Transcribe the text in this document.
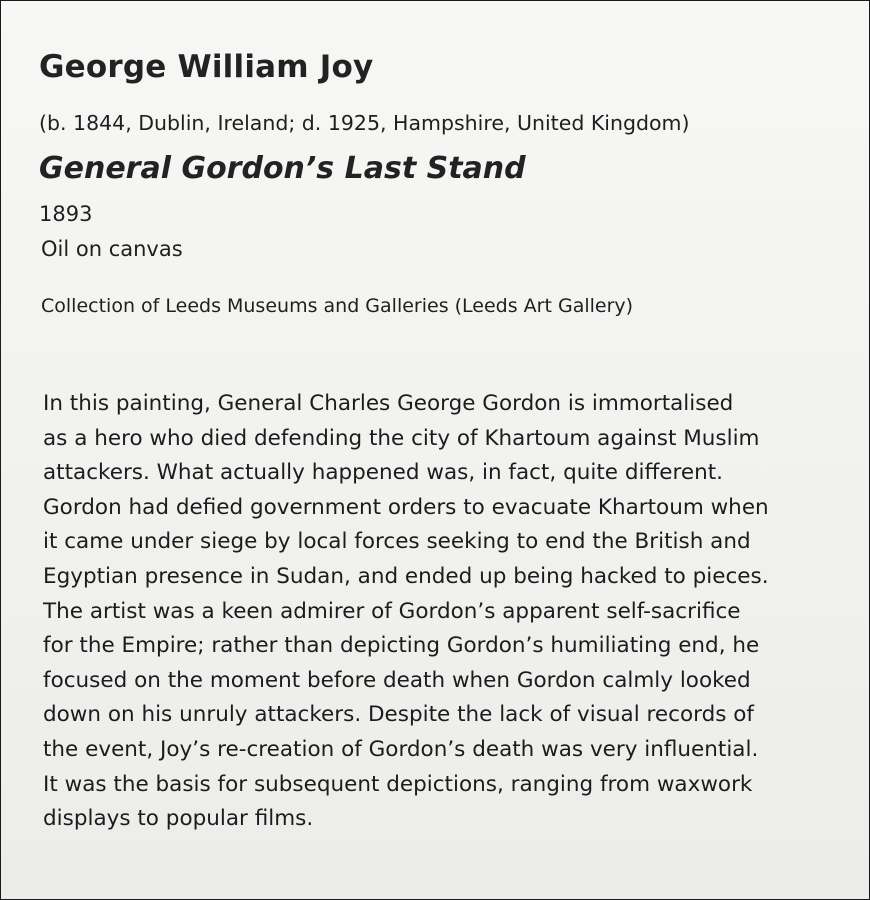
George William Joy

(b. 1844, Dublin, Ireland; d. 1925, Hampshire, United Kingdom)

General Gordon’s Last Stand

1893

Oil on canvas

Collection of Leeds Museums and Galleries (Leeds Art Gallery)

In this painting, General Charles George Gordon is immortalised
as a hero who died defending the city of Khartoum against Muslim
attackers. What actually happened was, in fact, quite different.
Gordon had defied government orders to evacuate Khartoum when
it came under siege by local forces seeking to end the British and
Egyptian presence in Sudan, and ended up being hacked to pieces.
The artist was a keen admirer of Gordon’s apparent self-sacrifice
for the Empire; rather than depicting Gordon’s humiliating end, he
focused on the moment before death when Gordon calmly looked
down on his unruly attackers. Despite the lack of visual records of
the event, Joy’s re-creation of Gordon’s death was very influential.
It was the basis for subsequent depictions, ranging from waxwork
displays to popular films.
